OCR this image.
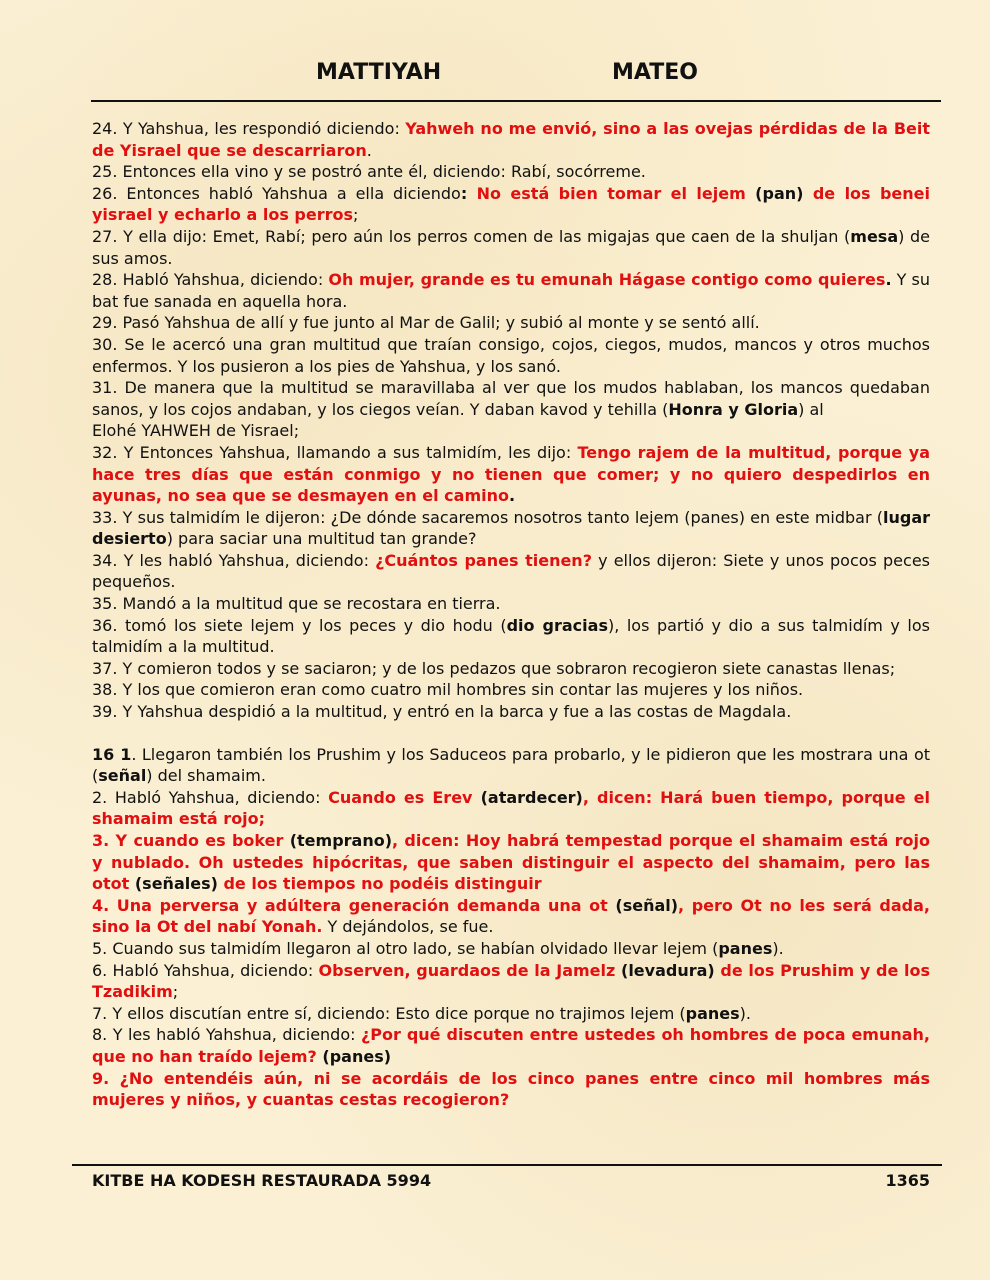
MATTIYAH	MATEO

24. Y Yahshua, les respondió diciendo: Yahweh no me envió, sino a las ovejas pérdidas de la Beit de Yisrael que se descarriaron.

25. Entonces ella vino y se postró ante él, diciendo: Rabí, socórreme.

26. Entonces habló Yahshua a ella diciendo: No está bien tomar el lejem (pan) de los benei yisrael y echarlo a los perros;

27. Y ella dijo: Emet, Rabí; pero aún los perros comen de las migajas que caen de la shuljan (mesa) de sus amos.

28. Habló Yahshua, diciendo: Oh mujer, grande es tu emunah Hágase contigo como quieres. Y su bat fue sanada en aquella hora.

29. Pasó Yahshua de allí y fue junto al Mar de Galil; y subió al monte y se sentó allí.

30. Se le acercó una gran multitud que traían consigo, cojos, ciegos, mudos, mancos y otros muchos enfermos. Y los pusieron a los pies de Yahshua, y los sanó.

31. De manera que la multitud se maravillaba al ver que los mudos hablaban, los mancos quedaban sanos, y los cojos andaban, y los ciegos veían. Y daban kavod y tehilla (Honra y Gloria) al

Elohé YAHWEH de Yisrael;

32. Y Entonces Yahshua, llamando a sus talmidím, les dijo: Tengo rajem de la multitud, porque ya hace tres días que están conmigo y no tienen que comer; y no quiero despedirlos en ayunas, no sea que se desmayen en el camino.

33. Y sus talmidím le dijeron: ¿De dónde sacaremos nosotros tanto lejem (panes) en este midbar (lugar desierto) para saciar una multitud tan grande?

34. Y les habló Yahshua, diciendo: ¿Cuántos panes tienen? y ellos dijeron: Siete y unos pocos peces pequeños.

35. Mandó a la multitud que se recostara en tierra.

36. tomó los siete lejem y los peces y dio hodu (dio gracias), los partió y dio a sus talmidím y los talmidím a la multitud.

37. Y comieron todos y se saciaron; y de los pedazos que sobraron recogieron siete canastas llenas;

38. Y los que comieron eran como cuatro mil hombres sin contar las mujeres y los niños.

39. Y Yahshua despidió a la multitud, y entró en la barca y fue a las costas de Magdala.

16 1. Llegaron también los Prushim y los Saduceos para probarlo, y le pidieron que les mostrara una ot (señal) del shamaim.

2. Habló Yahshua, diciendo: Cuando es Erev (atardecer), dicen: Hará buen tiempo, porque el shamaim está rojo;

3. Y cuando es boker (temprano), dicen: Hoy habrá tempestad porque el shamaim está rojo y nublado. Oh ustedes hipócritas, que saben distinguir el aspecto del shamaim, pero las otot (señales) de los tiempos no podéis distinguir

4. Una perversa y adúltera generación demanda una ot (señal), pero Ot no les será dada, sino la Ot del nabí Yonah. Y dejándolos, se fue.

5. Cuando sus talmidím llegaron al otro lado, se habían olvidado llevar lejem (panes).

6. Habló Yahshua, diciendo: Observen, guardaos de la Jamelz (levadura) de los Prushim y de los Tzadikim;

7. Y ellos discutían entre sí, diciendo: Esto dice porque no trajimos lejem (panes).

8. Y les habló Yahshua, diciendo: ¿Por qué discuten entre ustedes oh hombres de poca emunah, que no han traído lejem? (panes)

9. ¿No entendéis aún, ni se acordáis de los cinco panes entre cinco mil hombres más mujeres y niños, y cuantas cestas recogieron?

KITBE HA KODESH RESTAURADA 5994	1365
